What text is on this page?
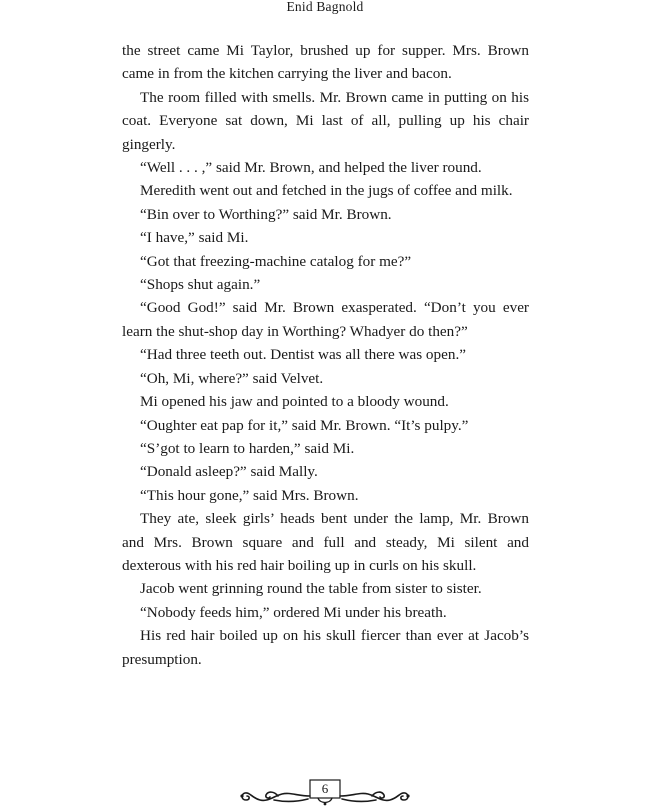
Enid Bagnold

the street came Mi Taylor, brushed up for supper. Mrs. Brown came in from the kitchen carrying the liver and bacon.

The room filled with smells. Mr. Brown came in putting on his coat. Everyone sat down, Mi last of all, pulling up his chair gingerly.

“Well . . . ,” said Mr. Brown, and helped the liver round.

Meredith went out and fetched in the jugs of coffee and milk.

“Bin over to Worthing?” said Mr. Brown.

“I have,” said Mi.

“Got that freezing-machine catalog for me?”

“Shops shut again.”

“Good God!” said Mr. Brown exasperated. “Don’t you ever learn the shut-shop day in Worthing? Whadyer do then?”

“Had three teeth out. Dentist was all there was open.”

“Oh, Mi, where?” said Velvet.

Mi opened his jaw and pointed to a bloody wound.

“Oughter eat pap for it,” said Mr. Brown. “It’s pulpy.”

“S’got to learn to harden,” said Mi.

“Donald asleep?” said Mally.

“This hour gone,” said Mrs. Brown.

They ate, sleek girls’ heads bent under the lamp, Mr. Brown and Mrs. Brown square and full and steady, Mi silent and dexterous with his red hair boiling up in curls on his skull.

Jacob went grinning round the table from sister to sister.

“Nobody feeds him,” ordered Mi under his breath.

His red hair boiled up on his skull fiercer than ever at Jacob’s presumption.

6
